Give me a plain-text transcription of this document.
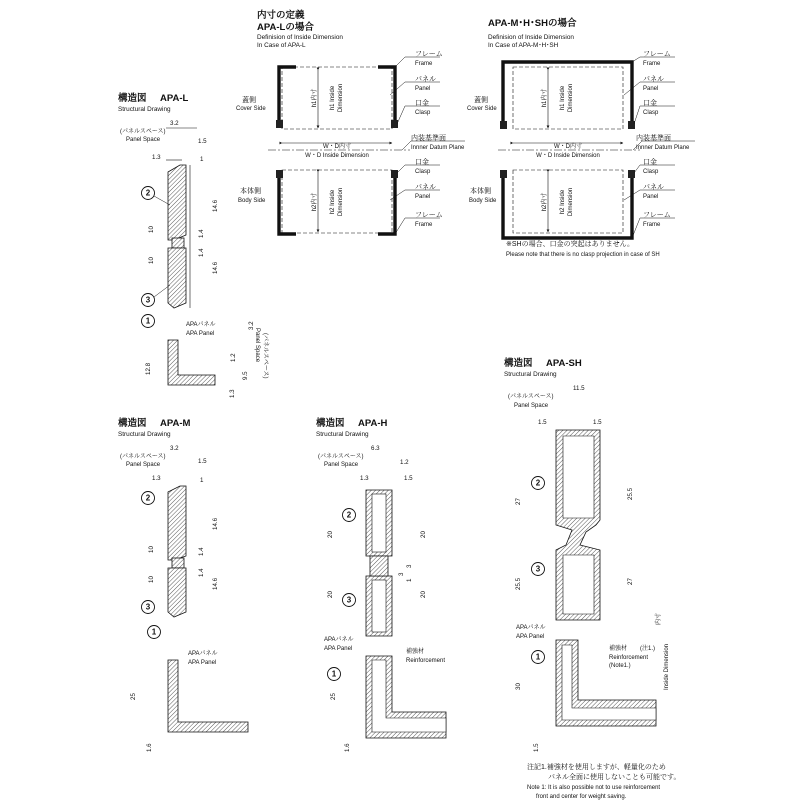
内寸の定義
APA-Lの場合
Definision of Inside Dimension
In Case of APA-L
h1内寸 h1 Inside Dimension
W・D内寸
W・D Inside Dimension
h2内寸 h2 Inside Dimension
蓋側
Cover Side
本体側
Body Side
フレーム
Frame
パネル
Panel
口金
Clasp
内装基準面
Innner Datum Plane
口金
Clasp
パネル
Panel
フレーム
Frame
APA-M･H･SHの場合
Definision of Inside Dimension
In Case of APA-M･H･SH
h1内寸 h1 Inside Dimension
W・D内寸
W・D Inside Dimension
h2内寸 h2 Inside Dimension
蓋側
Cover Side
本体側
Body Side
フレーム
Frame
パネル
Panel
口金
Clasp
内装基準面
Innner Datum Plane
口金
Clasp
パネル
Panel
フレーム
Frame
※SHの場合、口金の突起はありません。
Please note that there is no clasp projection in case of SH
構造図 APA-L
Structural Drawing
3.2
(パネルスペース)
Panel Space	1.5
1.3	1
14.6
14.6
1.4
1.4
10
10
2
3
1	APAパネル
APA Panel	(パネルスペース)
Panel Space
3.2
1.2
9.5
12.8
1.3
構造図 APA-M
Structural Drawing
3.2
(パネルスペース)
Panel Space	1.5
1.3	1
14.6
14.6
1.4
1.4
10
10
2
3
1
APAパネル
APA Panel
25
1.6
構造図 APA-H
Structural Drawing
6.3
(パネルスペース)
Panel Space	1.2
1.3	1.5
20
20
20
20
3
3
1
2
3
APAパネル
APA Panel	補強材
Reinforcement
1
25
1.6
構造図 APA-SH
Structural Drawing
11.5
(パネルスペース)
Panel Space
1.5	1.5
27
25.5
25.5	27
2
3
内寸
Inside Dimension
APAパネル
APA Panel
補強材 (注1.)
Reinforcement
(Note1.)
1
30
1.5
注記1.補強材を使用しますが、軽量化のため
パネル全面に使用しないことも可能です。
Note 1: It is also possible not to use reinforcement
front and center for weight saving.
